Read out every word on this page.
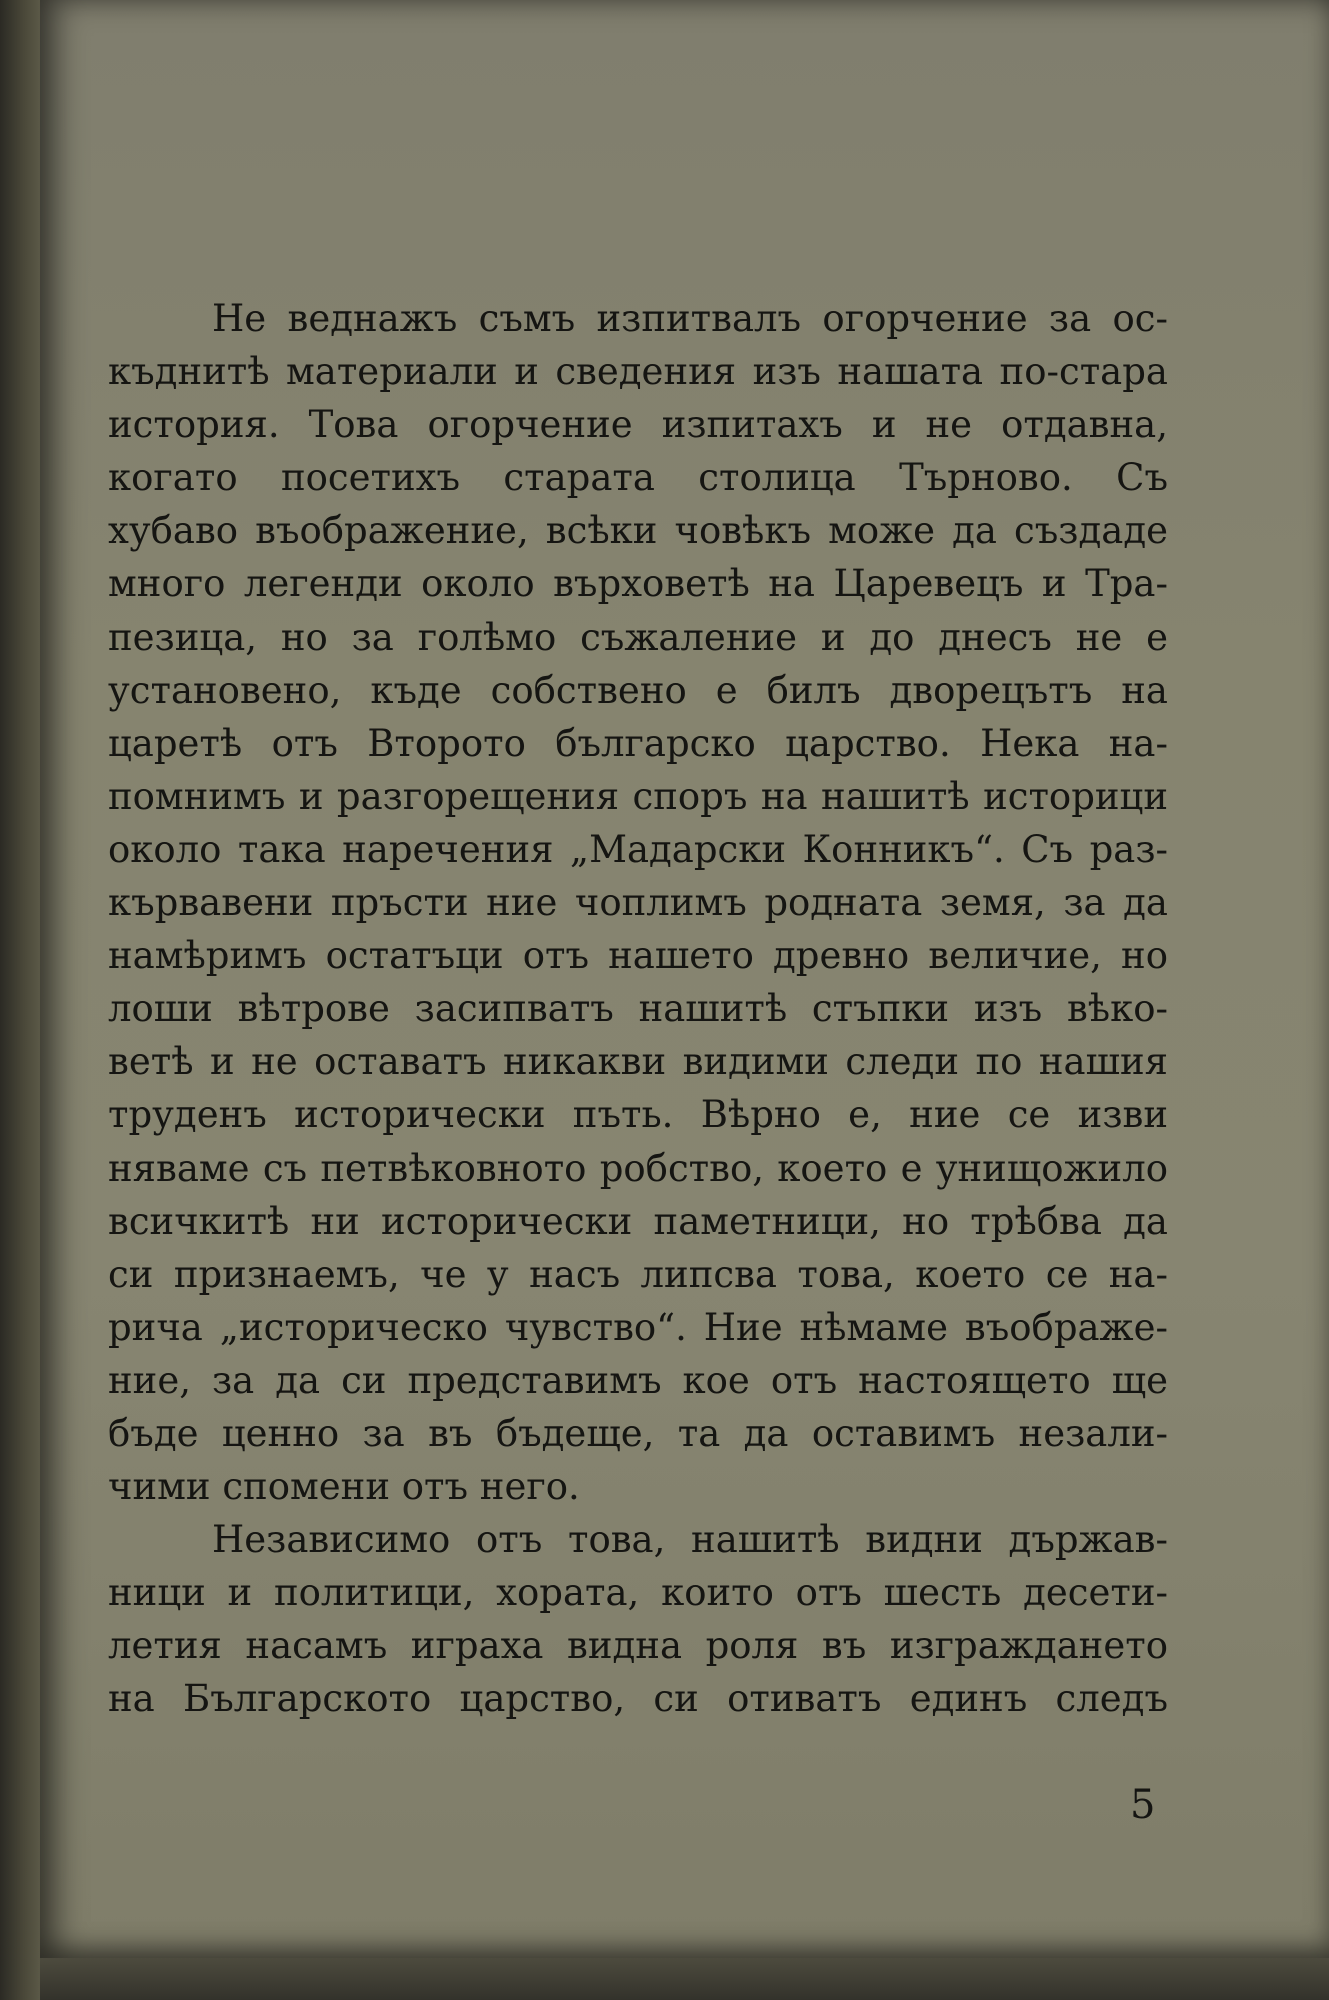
Не веднажъ съмъ изпитвалъ огорчение за ос-
къднитѣ материали и сведения изъ нашата по-стара
история. Това огорчение изпитахъ и не отдавна,
когато посетихъ старата столица Търново. Съ
хубаво въображение, всѣки човѣкъ може да създаде
много легенди около върховетѣ на Царевецъ и Тра-
пезица, но за голѣмо съжаление и до днесъ не е
установено, къде собствено е билъ дворецътъ на
царетѣ отъ Второто българско царство. Нека на-
помнимъ и разгорещения споръ на нашитѣ историци
около така наречения „Мадарски Конникъ“. Съ раз-
кървавени пръсти ние чоплимъ родната земя, за да
намѣримъ остатъци отъ нашето древно величие, но
лоши вѣтрове засипватъ нашитѣ стъпки изъ вѣко-
ветѣ и не оставатъ никакви видими следи по нашия
труденъ исторически пъть. Вѣрно е, ние се изви
няваме съ петвѣковното робство, което е унищожило
всичкитѣ ни исторически паметници, но трѣбва да
си признаемъ, че у насъ липсва това, което се на-
рича „историческо чувство“. Ние нѣмаме въображе-
ние, за да си представимъ кое отъ настоящето ще
бъде ценно за въ бъдеще, та да оставимъ незали-
чими спомени отъ него.
Независимо отъ това, нашитѣ видни държав-
ници и политици, хората, които отъ шесть десети-
летия насамъ играха видна роля въ изграждането
на Българското царство, си отиватъ единъ следъ
5
